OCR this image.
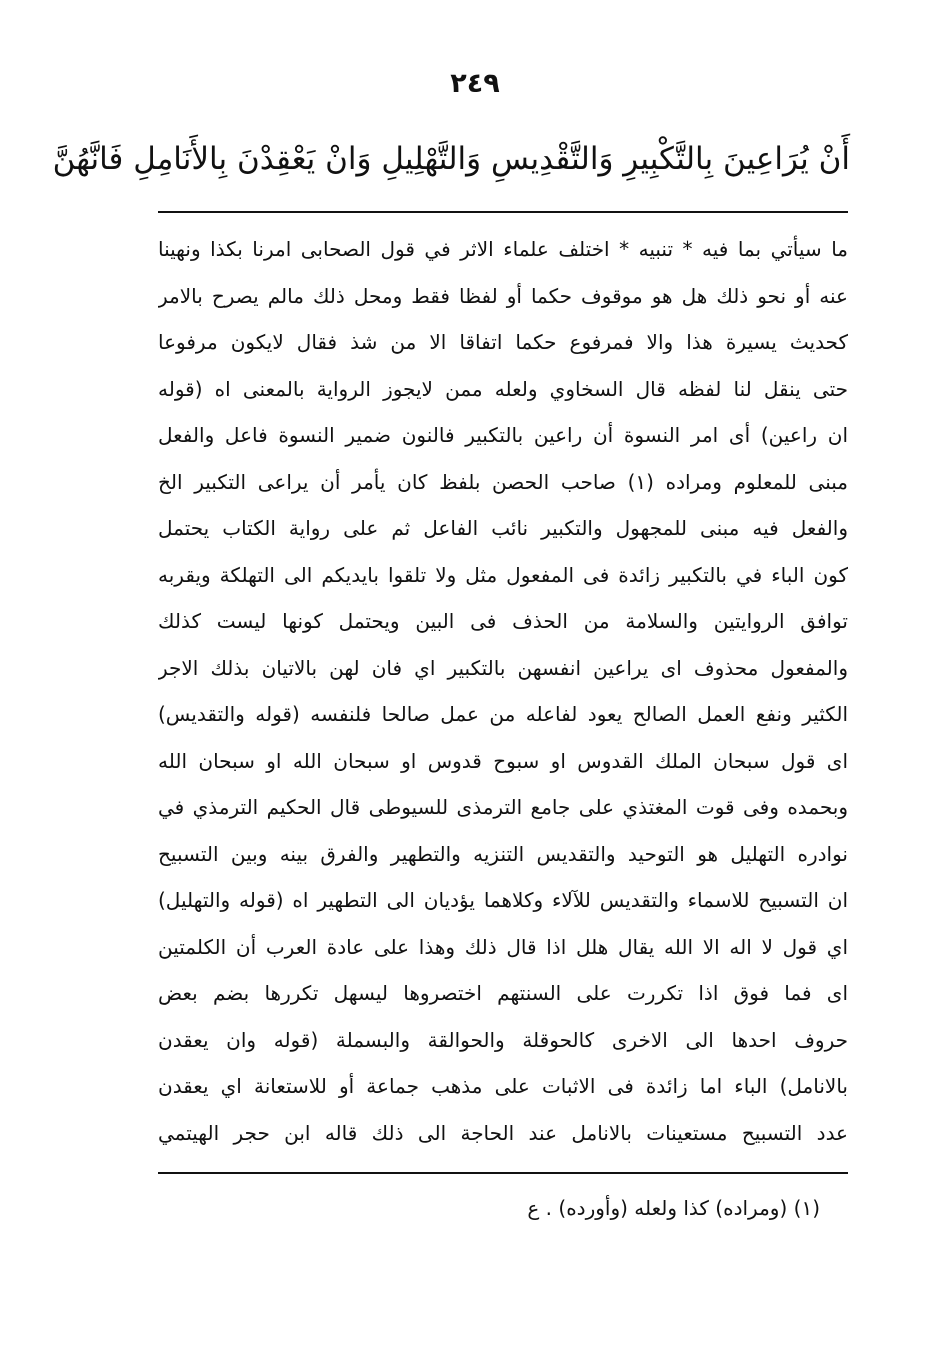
٢٤٩
أَنْ يُرَاعِينَ بِالتَّكْبِيرِ وَالتَّقْدِيسِ وَالتَّهْلِيلِ وَانْ يَعْقِدْنَ بِالأَنَامِلِ فَانَّهُنَّ
ما سيأتي بما فيه * تنبيه * اختلف علماء الاثر في قول الصحابى امرنا بكذا ونهينا
عنه أو نحو ذلك هل هو موقوف حكما أو لفظا فقط ومحل ذلك مالم يصرح بالامر
كحديث يسيرة هذا والا فمرفوع حكما اتفاقا الا من شذ فقال لايكون مرفوعا
حتى ينقل لنا لفظه قال السخاوي ولعله ممن لايجوز الرواية بالمعنى اه (قوله
ان راعين) أى امر النسوة أن راعين بالتكبير فالنون ضمير النسوة فاعل والفعل
مبنى للمعلوم ومراده (١) صاحب الحصن بلفظ كان يأمر أن يراعى التكبير الخ
والفعل فيه مبنى للمجهول والتكبير نائب الفاعل ثم على رواية الكتاب يحتمل
كون الباء في بالتكبير زائدة فى المفعول مثل ولا تلقوا بايديكم الى التهلكة ويقربه
توافق الروايتين والسلامة من الحذف فى البين ويحتمل كونها ليست كذلك
والمفعول محذوف اى يراعين انفسهن بالتكبير اي فان لهن بالاتيان بذلك الاجر
الكثير ونفع العمل الصالح يعود لفاعله من عمل صالحا فلنفسه (قوله والتقديس)
اى قول سبحان الملك القدوس او سبوح قدوس او سبحان الله او سبحان الله
وبحمده وفى قوت المغتذي على جامع الترمذى للسيوطى قال الحكيم الترمذي في
نوادره التهليل هو التوحيد والتقديس التنزيه والتطهير والفرق بينه وبين التسبيح
ان التسبيح للاسماء والتقديس للآلاء وكلاهما يؤديان الى التطهير اه (قوله والتهليل)
اي قول لا اله الا الله يقال هلل اذا قال ذلك وهذا على عادة العرب أن الكلمتين
اى فما فوق اذا تكررت على السنتهم اختصروها ليسهل تكررها بضم بعض
حروف احدها الى الاخرى كالحوقلة والحوالقة والبسملة (قوله وان يعقدن
بالانامل) الباء اما زائدة فى الاثبات على مذهب جماعة أو للاستعانة اي يعقدن
عدد التسبيح مستعينات بالانامل عند الحاجة الى ذلك قاله ابن حجر الهيتمي
(١) (ومراده) كذا ولعله (وأورده) . ع
